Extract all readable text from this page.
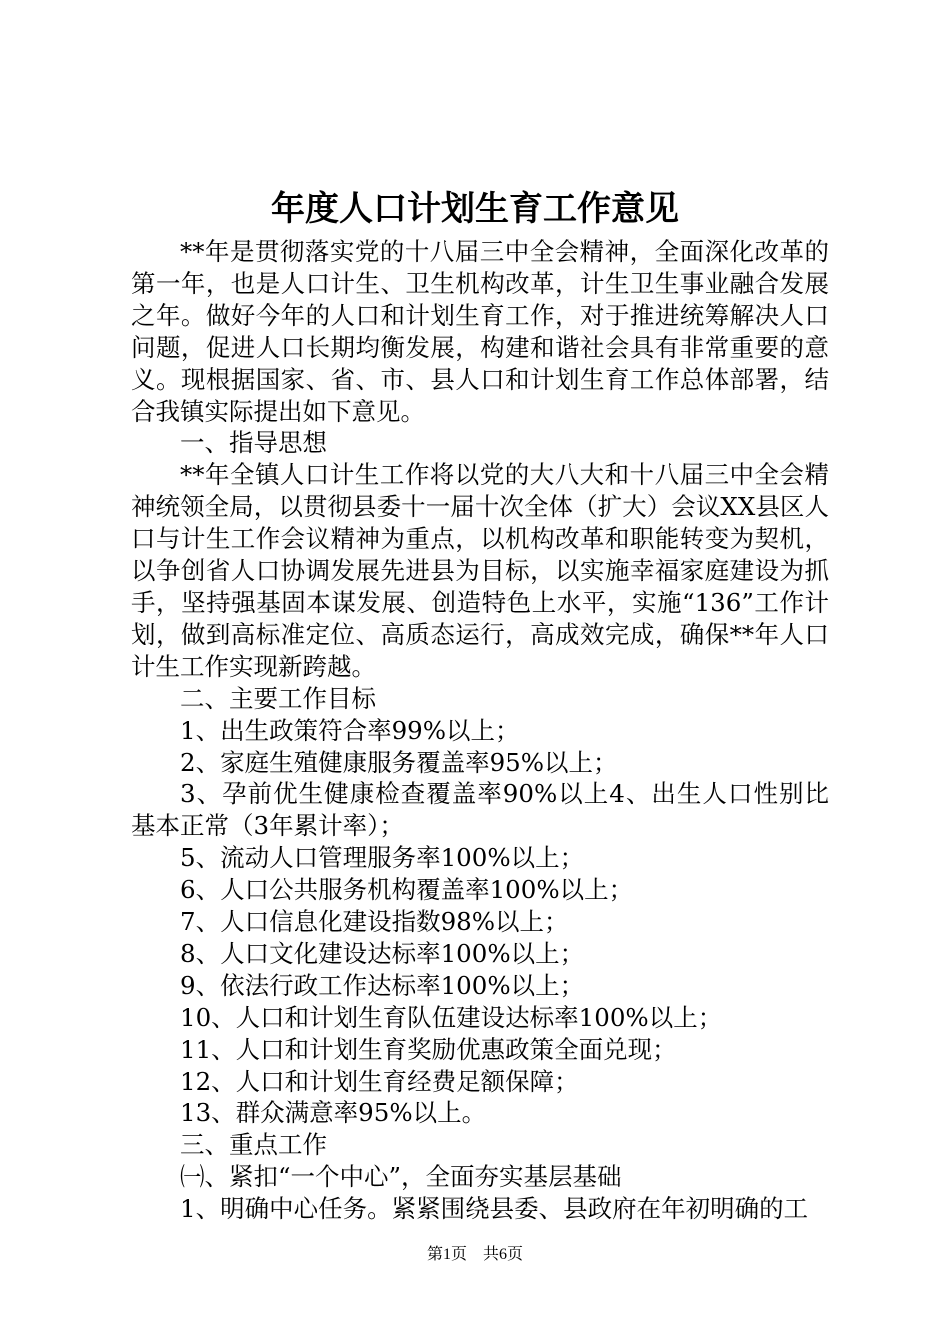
年度人口计划生育工作意见

**年是贯彻落实党的十八届三中全会精神，全面深化改革的第一年，也是人口计生、卫生机构改革，计生卫生事业融合发展之年。做好今年的人口和计划生育工作，对于推进统筹解决人口问题，促进人口长期均衡发展，构建和谐社会具有非常重要的意义。现根据国家、省、市、县人口和计划生育工作总体部署，结合我镇实际提出如下意见。

一、指导思想

**年全镇人口计生工作将以党的大八大和十八届三中全会精神统领全局，以贯彻县委十一届十次全体（扩大）会议XX县区人口与计生工作会议精神为重点，以机构改革和职能转变为契机，以争创省人口协调发展先进县为目标，以实施幸福家庭建设为抓手，坚持强基固本谋发展、创造特色上水平，实施“136”工作计划，做到高标准定位、高质态运行，高成效完成，确保**年人口计生工作实现新跨越。

二、主要工作目标

1、出生政策符合率99%以上；

2、家庭生殖健康服务覆盖率95%以上；

3、孕前优生健康检查覆盖率90%以上4、出生人口性别比基本正常（3年累计率）；

5、流动人口管理服务率100%以上；

6、人口公共服务机构覆盖率100%以上；

7、人口信息化建设指数98%以上；

8、人口文化建设达标率100%以上；

9、依法行政工作达标率100%以上；

10、人口和计划生育队伍建设达标率100%以上；

11、人口和计划生育奖励优惠政策全面兑现；

12、人口和计划生育经费足额保障；

13、群众满意率95%以上。

三、重点工作

㈠、紧扣“一个中心”，全面夯实基层基础

1、明确中心任务。紧紧围绕县委、县政府在年初明确的工

第1页 共6页
